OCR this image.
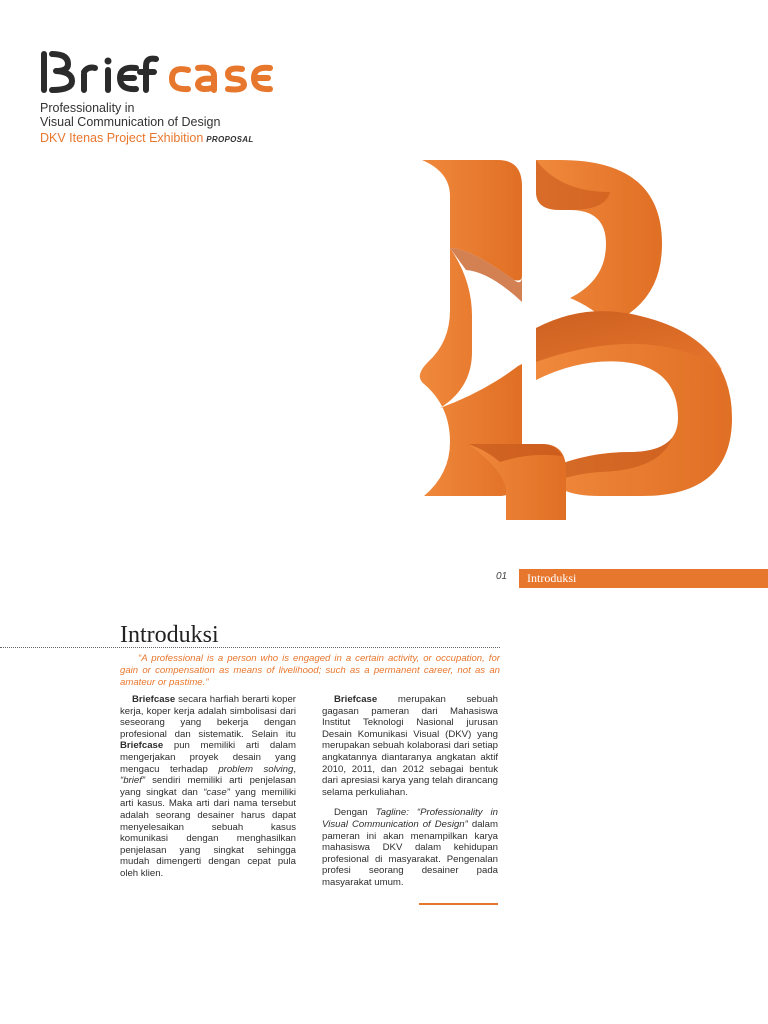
Professionality in
Visual Communication of Design
DKV Itenas Project Exhibition PROPOSAL
01	Introduksi
Introduksi

“A professional is a person who is engaged in a certain activity, or occupation, for gain or compensation as means of livelihood; such as a permanent career, not as an amateur or pastime.”

Briefcase secara harfiah berarti koper kerja, koper kerja adalah simbolisasi dari seseorang yang bekerja dengan profesional dan sistematik. Selain itu Briefcase pun memiliki arti dalam mengerjakan proyek desain yang mengacu terhadap problem solving, “brief” sendiri memiliki arti penjelasan yang singkat dan “case” yang memiliki arti kasus. Maka arti dari nama tersebut adalah seorang desainer harus dapat menyelesaikan sebuah kasus komunikasi dengan menghasilkan penjelasan yang singkat sehingga mudah dimengerti dengan cepat pula oleh klien.

Briefcase merupakan sebuah gagasan pameran dari Mahasiswa Institut Teknologi Nasional jurusan Desain Komunikasi Visual (DKV) yang merupakan sebuah kolaborasi dari setiap angkatannya diantaranya angkatan aktif 2010, 2011, dan 2012 sebagai bentuk dari apresiasi karya yang telah dirancang selama perkuliahan.

Dengan Tagline: “Professionality in Visual Communication of Design” dalam pameran ini akan menampilkan karya mahasiswa DKV dalam kehidupan profesional di masyarakat. Pengenalan profesi seorang desainer pada masyarakat umum.
